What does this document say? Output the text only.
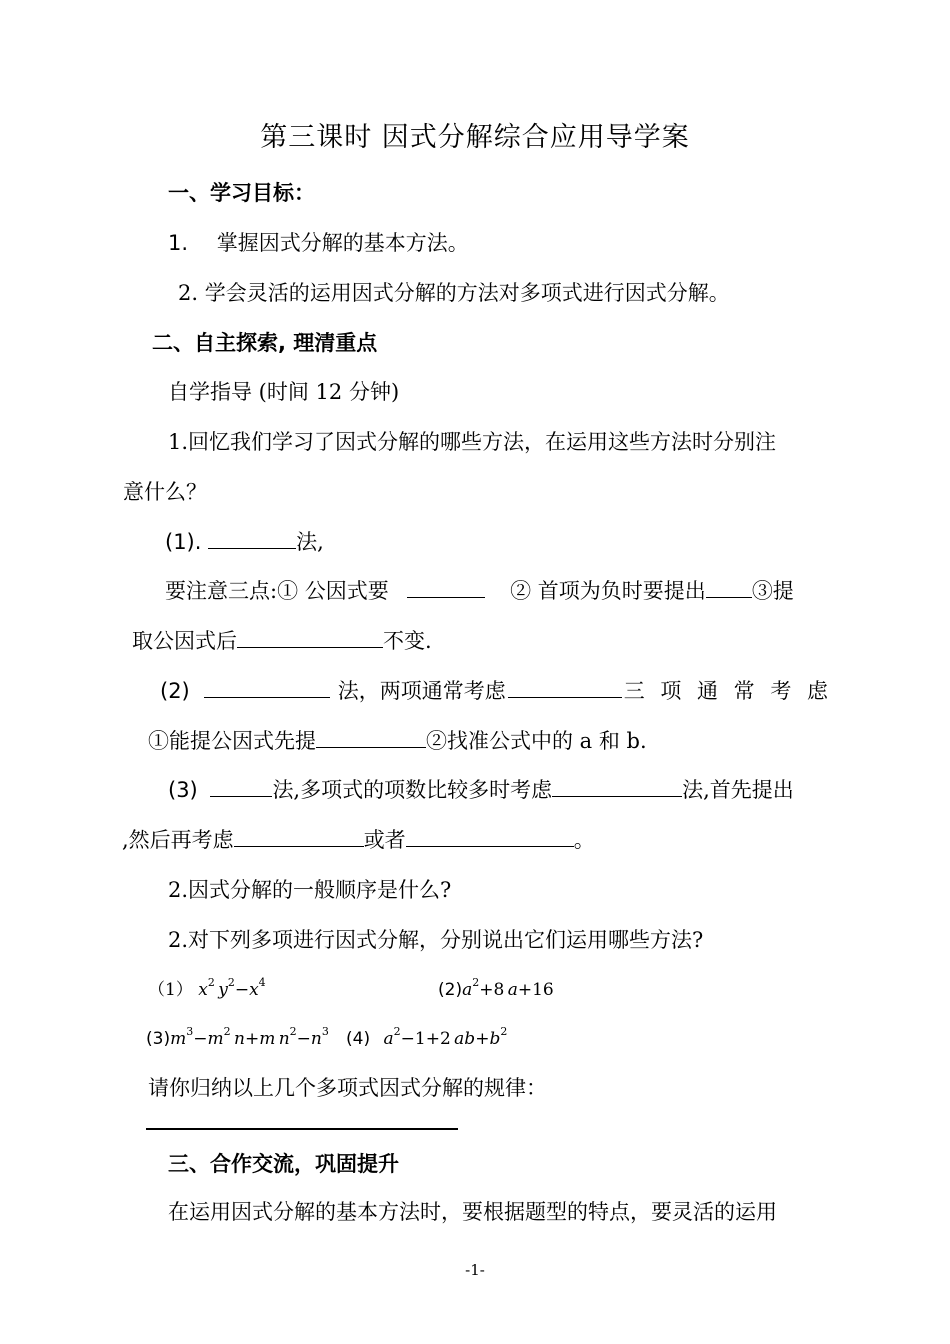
第三课时 因式分解综合应用导学案
一、学习目标：
1. 掌握因式分解的基本方法。
2. 学会灵活的运用因式分解的方法对多项式进行因式分解。
二、自主探索, 理清重点
自学指导 (时间 12 分钟)
1.回忆我们学习了因式分解的哪些方法，在运用这些方法时分别注
意什么？
(1).	法,
要注意三点:① 公因式要	② 首项为负时要提出 ③提
取公因式后	不变.
(2)	法， 两 项 通 常 考 虑	三 项 通 常 考 虑
①能提公因式先提	②找准公式中的 a 和 b.
(3)	法,多项式的项数比较多时考虑	法,首先提出
,然后再考虑	或者	。
2.因式分解的一般顺序是什么?
2.对下列多项进行因式分解，分别说出它们运用哪些方法?
（1） $x^2$ $y^2-x^4$	$(2)a^2+8$ a+16
$(3)m^3-m^2$ n+m $n^2-n^3$ (4) $a^2-1+2$ $ab+b^2$
请你归纳以上几个多项式因式分解的规律：
三、合作交流，巩固提升
在运用因式分解的基本方法时，要根据题型的特点，要灵活的运用
-1-
